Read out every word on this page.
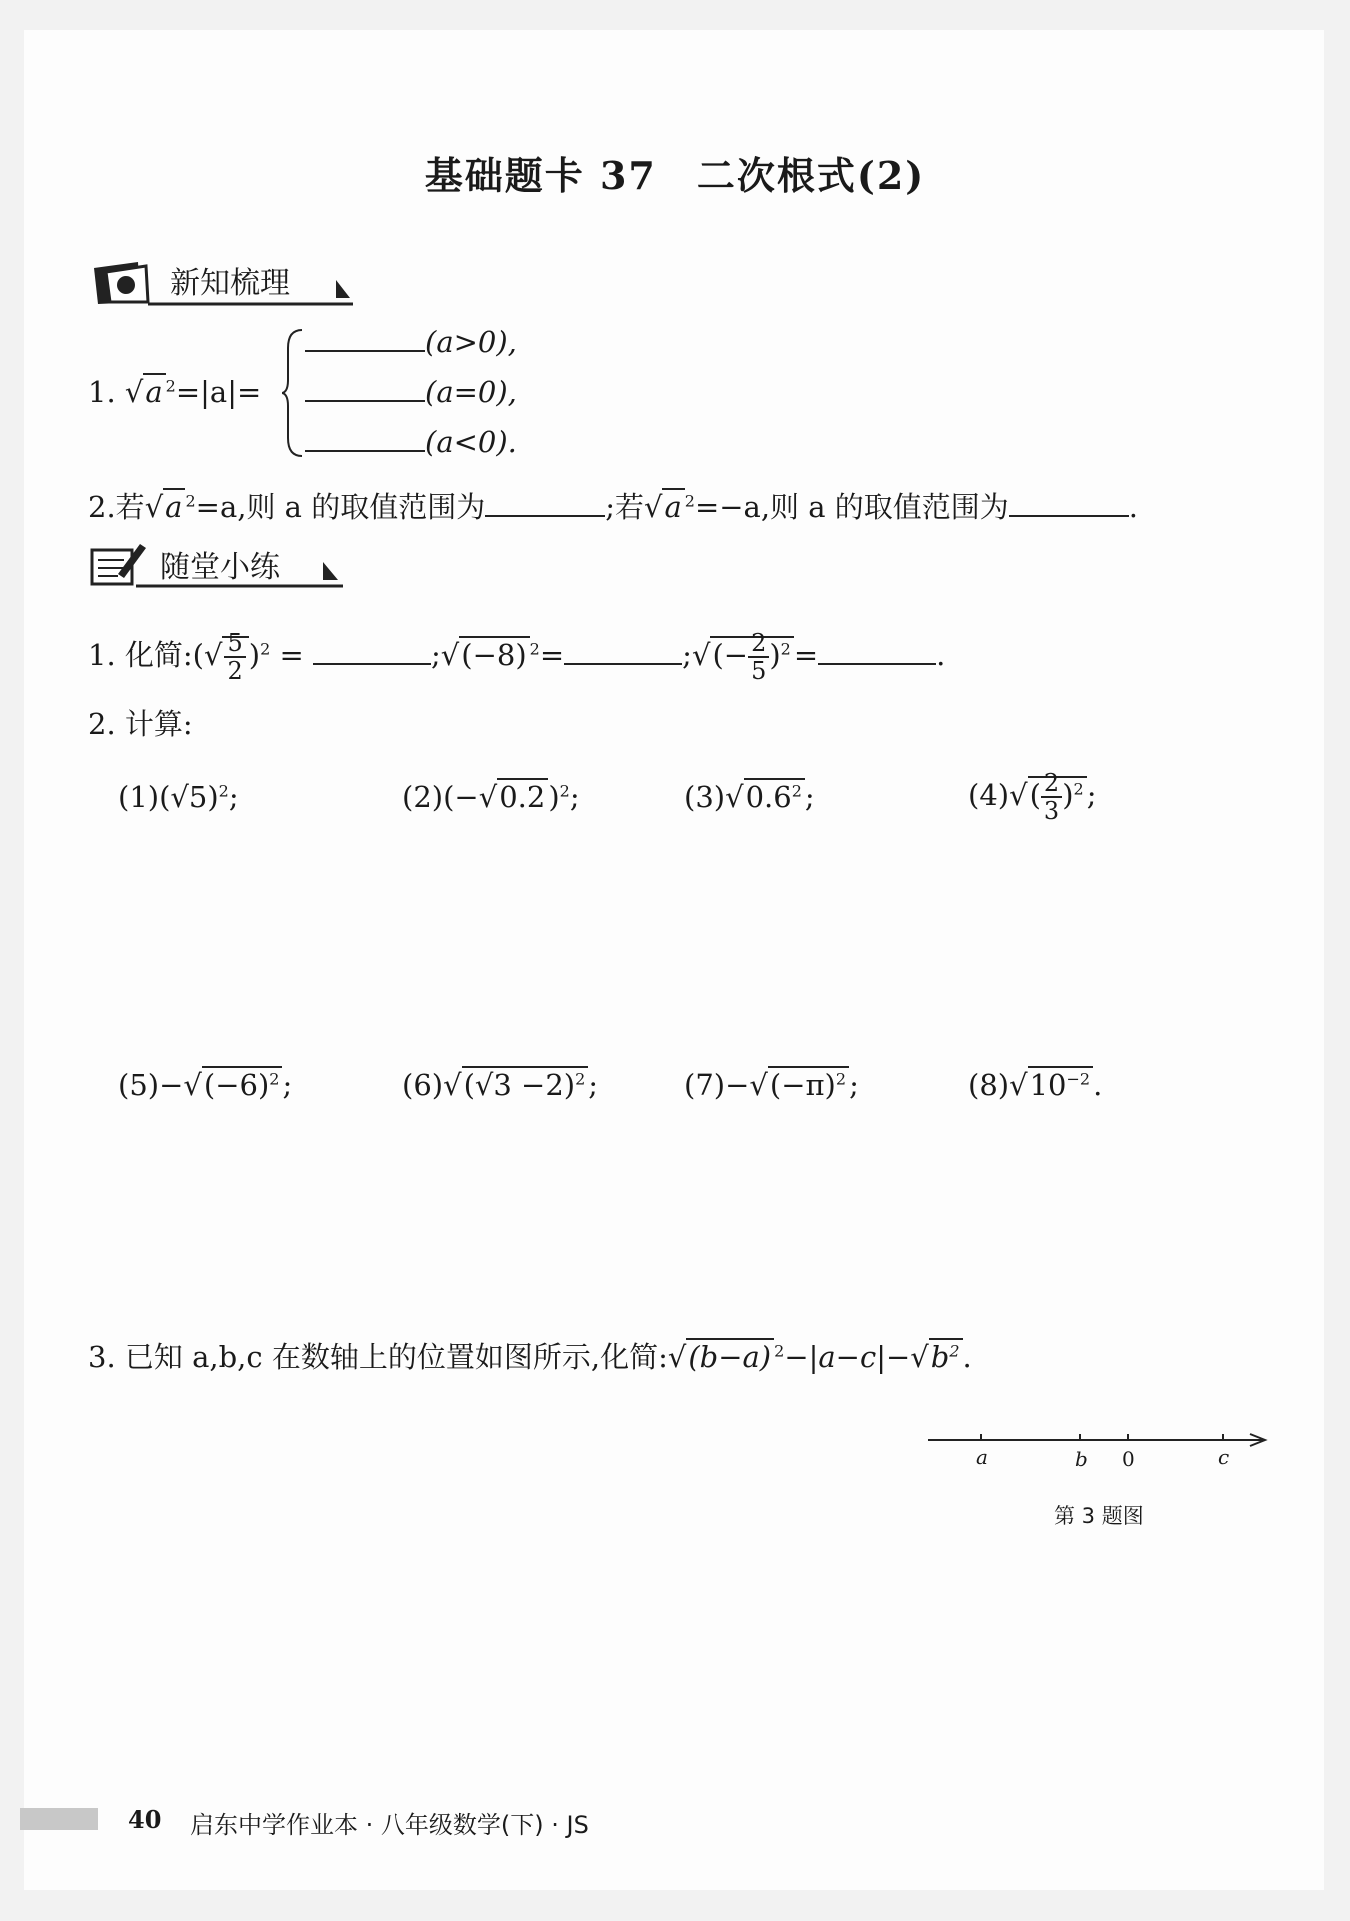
基础题卡 37　二次根式(2)
新知梳理
1. √a $^2$=|a|=
(a>0),
(a=0),
(a<0).
2.若√a $^2$=a,则 a 的取值范围为	;若√a $^2$=−a,则 a 的取值范围为	.
随堂小练
1. 化简:(√ $\frac{5}{2} )^2$ =	;√(−8) $^2$=	;√(− $\frac{2}{5} )^2$ =	.
2. 计算:
$(1)(√5)^2$;	(2)(−√0.2 )$^2$;	$(3)√0.6^2$ ;	$(4)√( \frac{2}{3} )^2$ ;
$(5)-√(-6)^2$ ;	$(6)√(√3 -2)^2$ ;	$(7)-√(-\pi)^2$ ;	$(8)√10^{-2}$ .
3. 已知 a,b,c 在数轴上的位置如图所示,化简:√(b−a) $^2-|a-c|-√b^2$ .
a	b 0	c
第 3 题图
40 启东中学作业本 · 八年级数学(下) · JS
